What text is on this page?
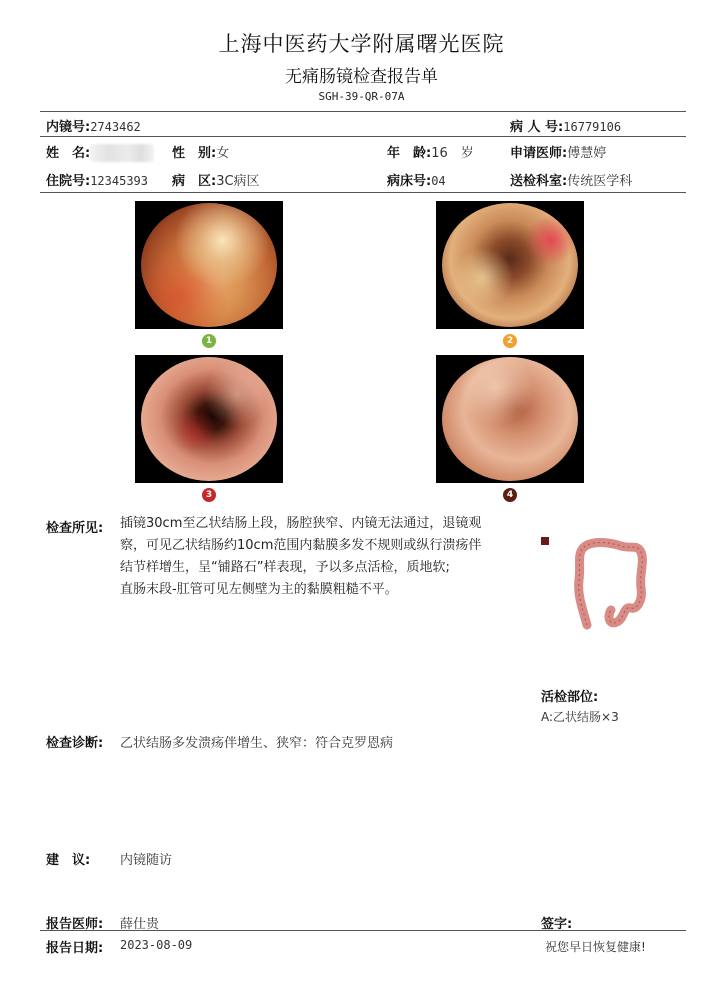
上海中医药大学附属曙光医院
无痛肠镜检查报告单
SGH-39-QR-07A
内镜号:2743462	病 人 号:16779106
姓　名:	性　别:女	年　龄:16　岁	申请医师:傅慧婷
住院号:12345393 病　区:3C病区	病床号:04	送检科室:传统医学科
1	2
3	4
检查所见: 插镜30cm至乙状结肠上段，肠腔狭窄、内镜无法通过，退镜观
察，可见乙状结肠约10cm范围内黏膜多发不规则或纵行溃疡伴
结节样增生，呈“铺路石”样表现，予以多点活检，质地软;
直肠末段-肛管可见左侧壁为主的黏膜粗糙不平。
活检部位:
A:乙状结肠×3
检查诊断: 乙状结肠多发溃疡伴增生、狭窄：符合克罗恩病
建　议: 内镜随访
报告医师: 薛仕贵	签字:
报告日期: 2023-08-09	祝您早日恢复健康!
